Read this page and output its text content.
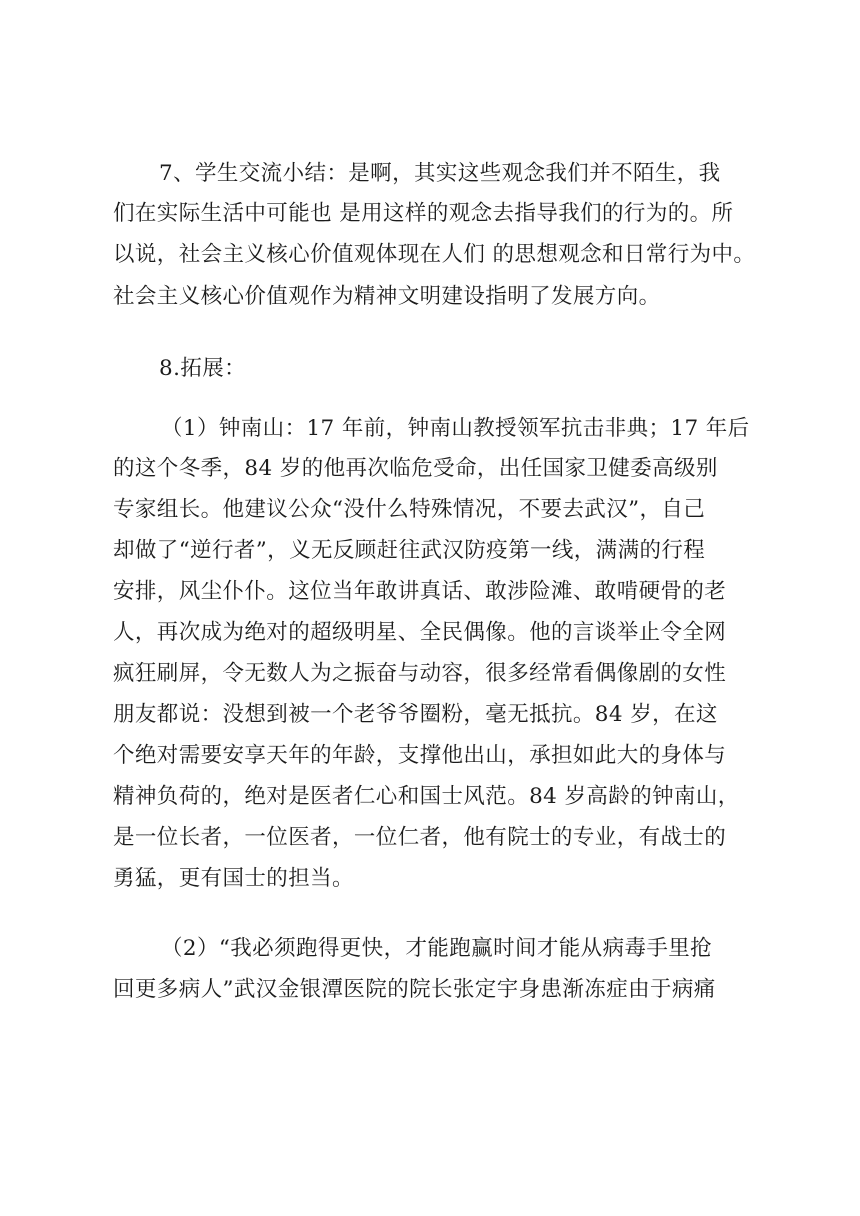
7、学生交流小结：是啊，其实这些观念我们并不陌生，我
们在实际生活中可能也 是用这样的观念去指导我们的行为的。所
以说，社会主义核心价值观体现在人们 的思想观念和日常行为中。
社会主义核心价值观作为精神文明建设指明了发展方向。
8.拓展：
（1）钟南山：17 年前，钟南山教授领军抗击非典；17 年后
的这个冬季，84 岁的他再次临危受命，出任国家卫健委高级别
专家组长。他建议公众“没什么特殊情况，不要去武汉”，自己
却做了“逆行者”，义无反顾赶往武汉防疫第一线，满满的行程
安排，风尘仆仆。这位当年敢讲真话、敢涉险滩、敢啃硬骨的老
人，再次成为绝对的超级明星、全民偶像。他的言谈举止令全网
疯狂刷屏，令无数人为之振奋与动容，很多经常看偶像剧的女性
朋友都说：没想到被一个老爷爷圈粉，毫无抵抗。84 岁，在这
个绝对需要安享天年的年龄，支撑他出山，承担如此大的身体与
精神负荷的，绝对是医者仁心和国士风范。84 岁高龄的钟南山，
是一位长者，一位医者，一位仁者，他有院士的专业，有战士的
勇猛，更有国士的担当。
（2）“我必须跑得更快，才能跑赢时间才能从病毒手里抢
回更多病人”武汉金银潭医院的院长张定宇身患渐冻症由于病痛
